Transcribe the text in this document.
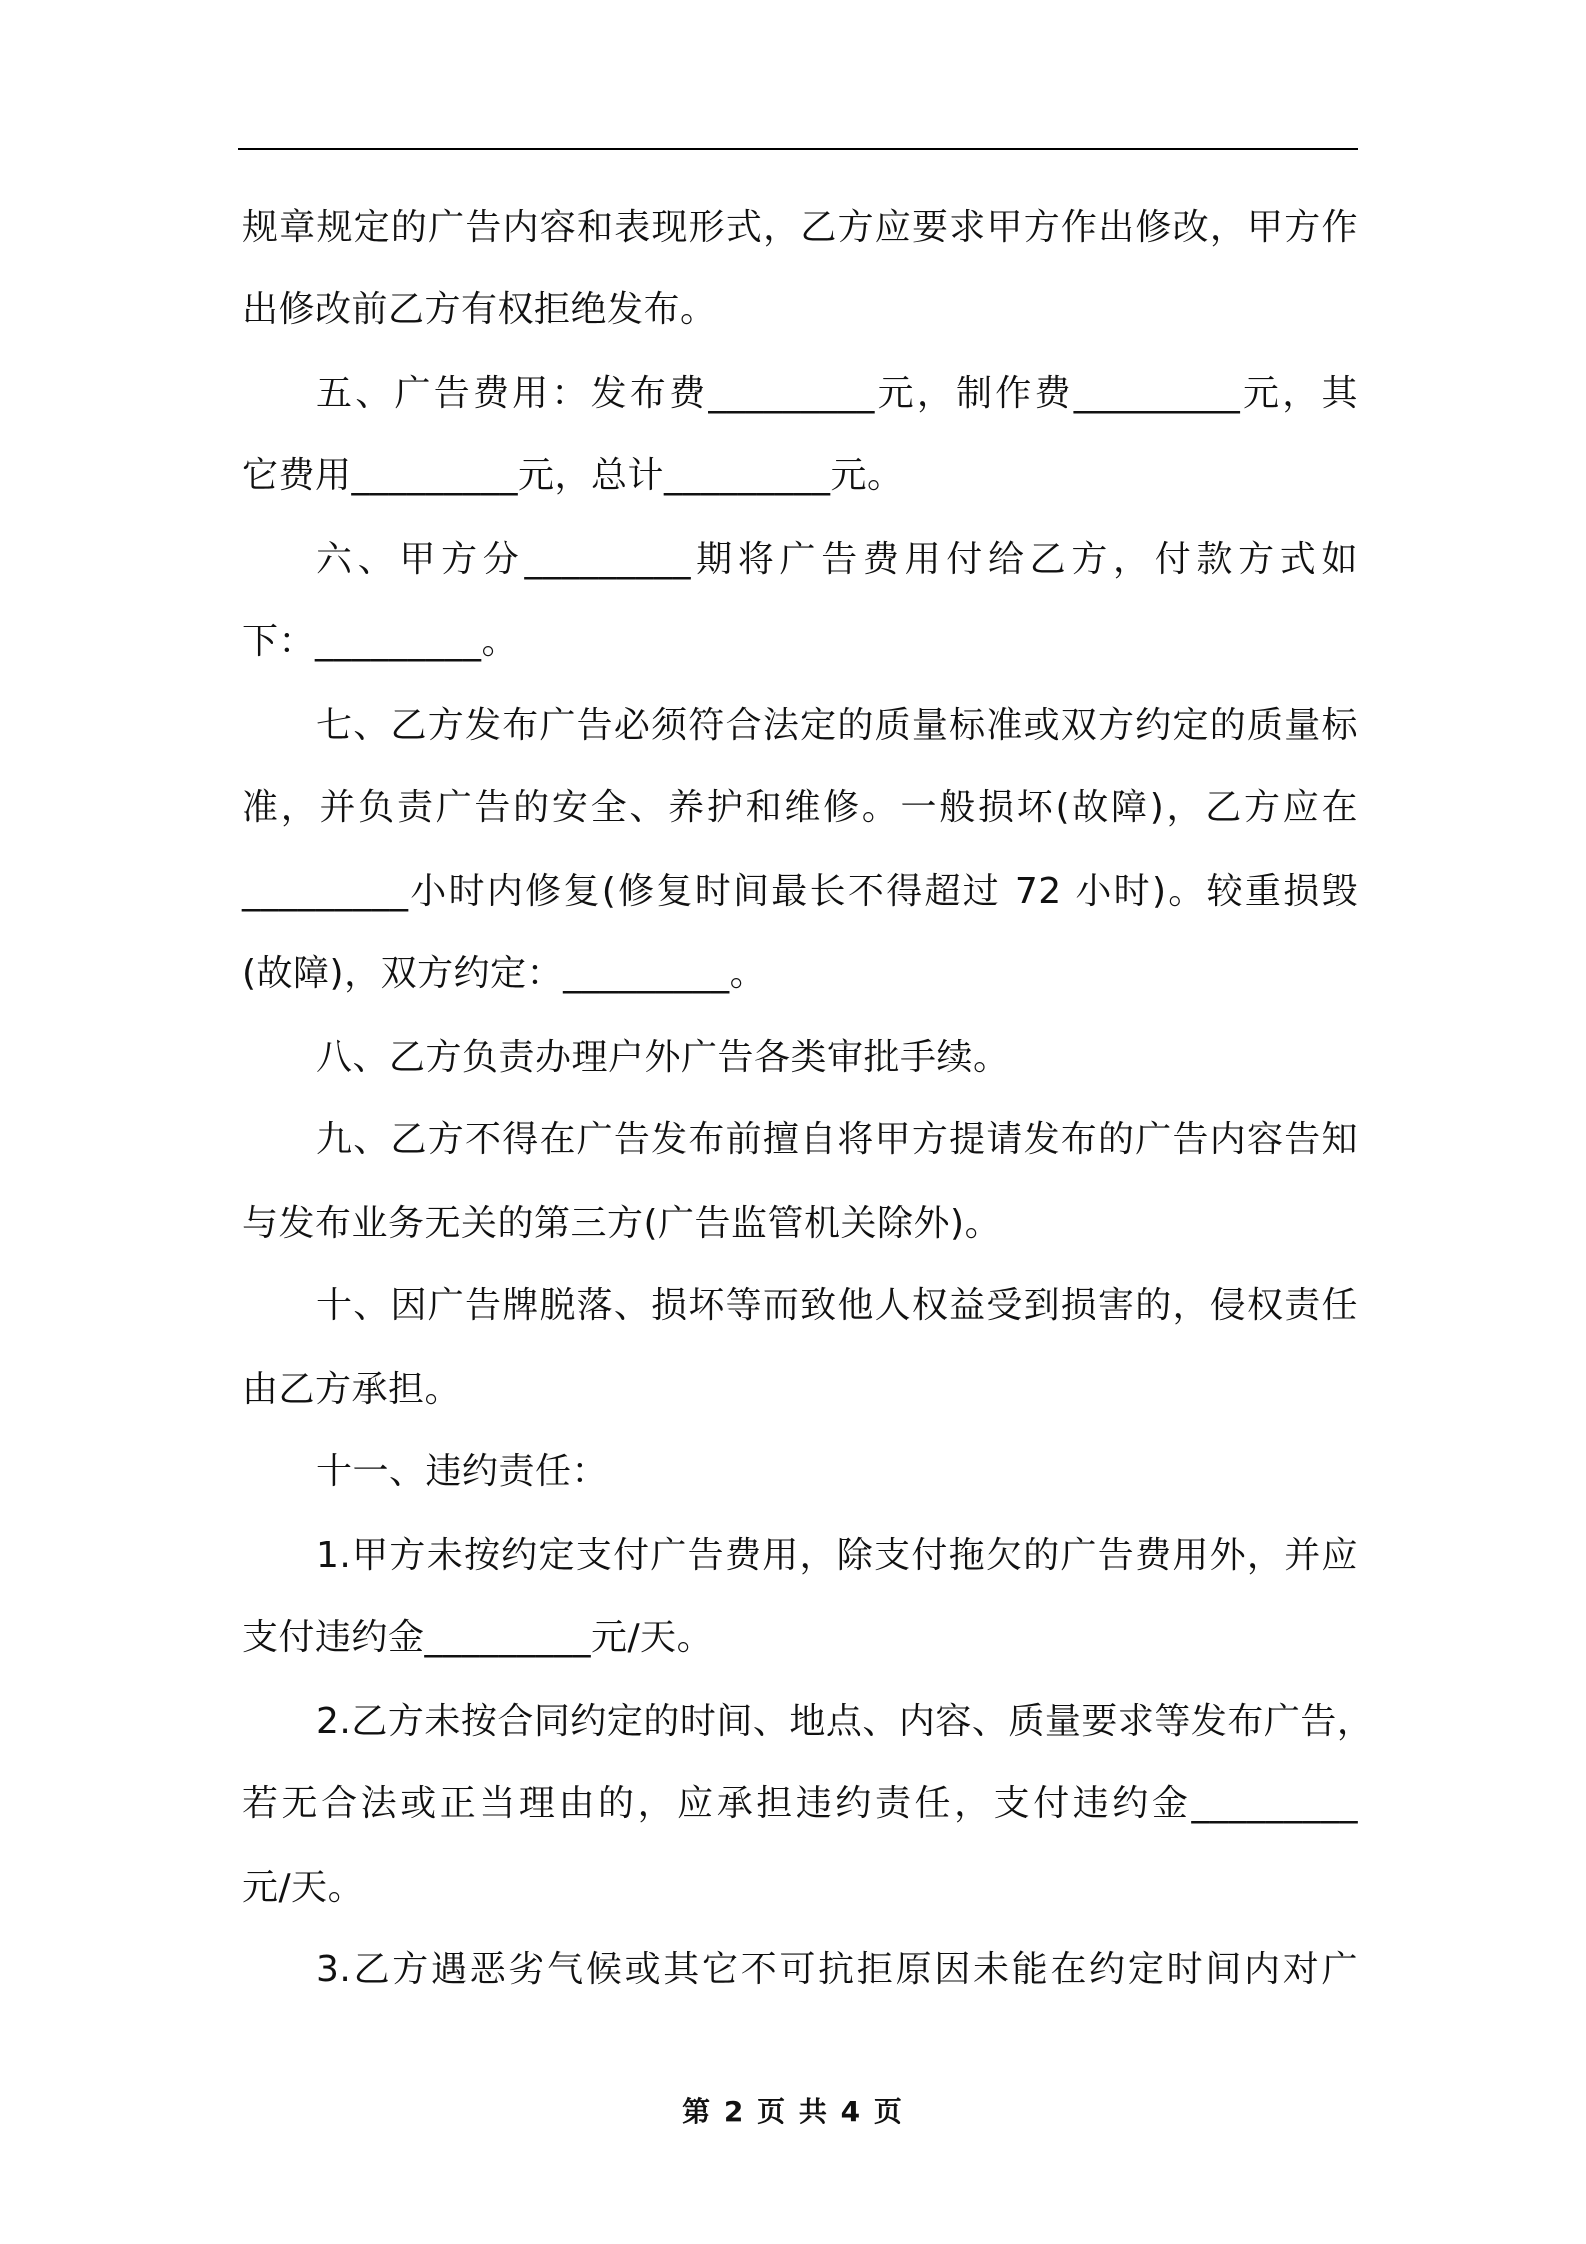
规章规定的广告内容和表现形式，乙方应要求甲方作出修改，甲方作
出修改前乙方有权拒绝发布。
五、广告费用：发布费_________元，制作费_________元，其
它费用_________元，总计_________元。
六、甲方分_________期将广告费用付给乙方，付款方式如
下：_________。
七、乙方发布广告必须符合法定的质量标准或双方约定的质量标
准，并负责广告的安全、养护和维修。一般损坏(故障)，乙方应在
_________小时内修复(修复时间最长不得超过 72 小时)。较重损毁
(故障)，双方约定：_________。
八、乙方负责办理户外广告各类审批手续。
九、乙方不得在广告发布前擅自将甲方提请发布的广告内容告知
与发布业务无关的第三方(广告监管机关除外)。
十、因广告牌脱落、损坏等而致他人权益受到损害的，侵权责任
由乙方承担。
十一、违约责任：
1.甲方未按约定支付广告费用，除支付拖欠的广告费用外，并应
支付违约金_________元/天。
2.乙方未按合同约定的时间、地点、内容、质量要求等发布广告，
若无合法或正当理由的，应承担违约责任，支付违约金_________
元/天。
3.乙方遇恶劣气候或其它不可抗拒原因未能在约定时间内对广
第 2 页 共 4 页
